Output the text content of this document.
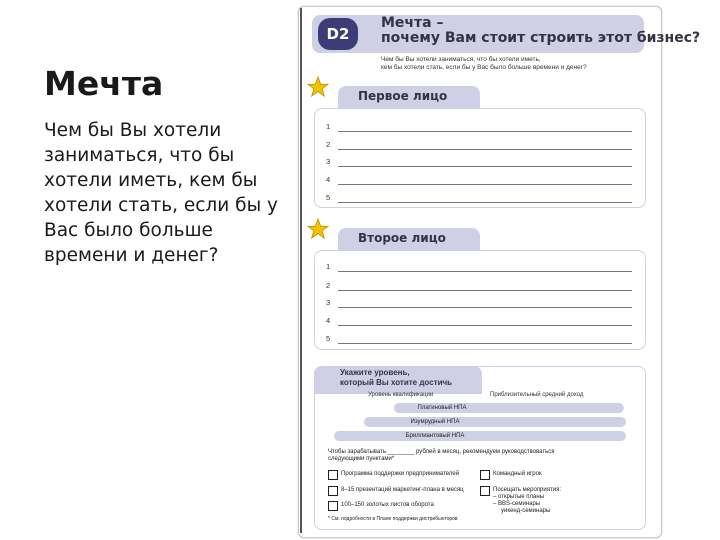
Мечта
Чем бы Вы хотели заниматься, что бы хотели иметь, кем бы хотели стать, если бы у Вас было больше времени и денег?
D2
Мечта –
почему Вам стоит строить этот бизнес?
Чем бы Вы хотели заниматься, что бы хотели иметь,
кем бы хотели стать, если бы у Вас было больше времени и денег?
Первое лицо
1
2
3
4
5
Второе лицо
1
2
3
4
5
Укажите уровень,
который Вы хотите достичь
Уровень квалификации	Приблизительный средний доход
Платиновый НПА
Изумрудный НПА
Бриллиантовый НПА
Чтобы зарабатывать ________ рублей в месяц, рекомендуем руководствоваться
следующими пунктами*
Программа поддержки предпринимателей
8–15 презентаций маркетинг-плана в месяц
100–150 золотых листов оборота
Командный игрок
Посещать мероприятия:
– открытые планы
– BBS-семинары
уикенд-семинары
* См. подробности в Плане поддержки дистрибьюторов
